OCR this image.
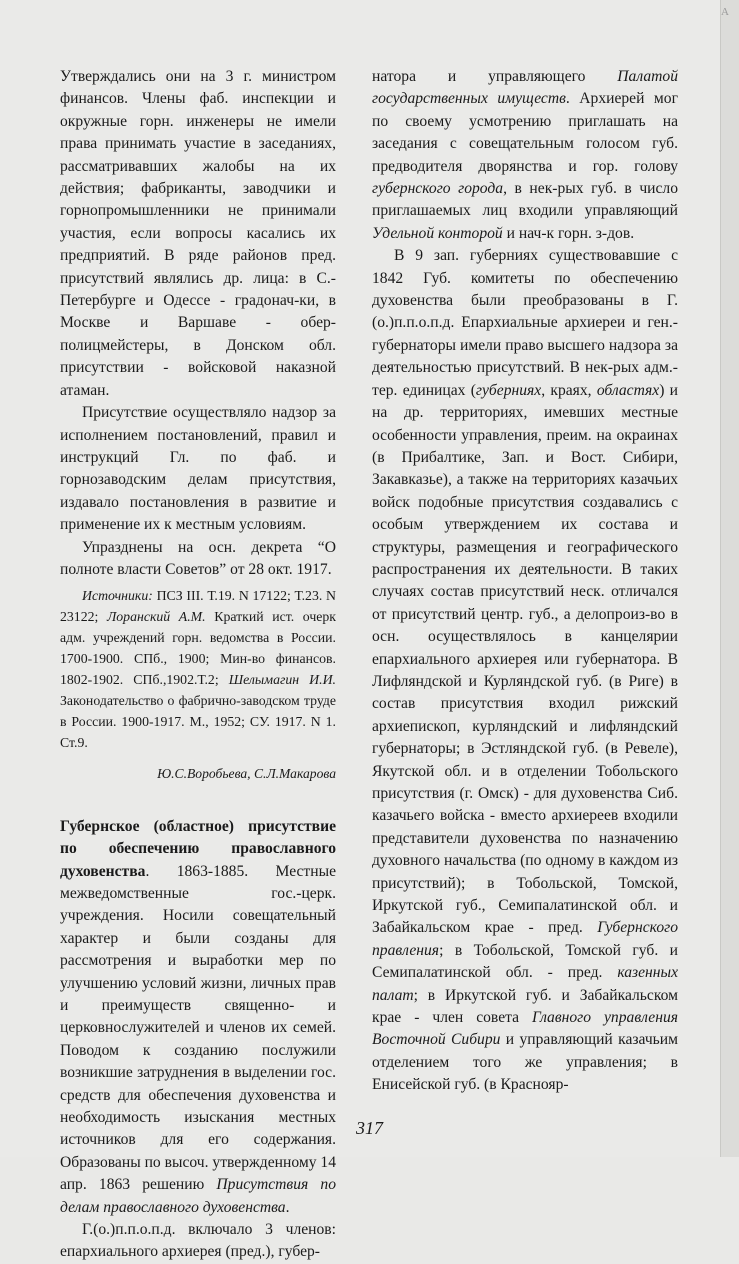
A

Утверждались они на 3 г. министром финансов. Члены фаб. инспекции и окружные горн. инженеры не имели права принимать участие в заседаниях, рассматривавших жалобы на их действия; фабриканты, заводчики и горнопромышленники не принимали участия, если вопросы касались их предприятий. В ряде районов пред. присутствий являлись др. лица: в С.-Петербурге и Одессе - градонач-ки, в Москве и Варшаве - обер-полицмейстеры, в Донском обл. присутствии - войсковой наказной атаман.

Присутствие осуществляло надзор за исполнением постановлений, правил и инструкций Гл. по фаб. и горнозаводским делам присутствия, издавало постановления в развитие и применение их к местным условиям.

Упразднены на осн. декрета “О полноте власти Советов” от 28 окт. 1917.

Источники: ПСЗ III. Т.19. N 17122; Т.23. N 23122; Лоранский А.М. Краткий ист. очерк адм. учреждений горн. ведомства в России. 1700-1900. СПб., 1900; Мин-во финансов. 1802-1902. СПб.,1902.Т.2; Шелымагин И.И. Законодательство о фабрично-заводском труде в России. 1900-1917. М., 1952; СУ. 1917. N 1. Ст.9.

Ю.С.Воробьева, С.Л.Макарова

Губернское (областное) присутствие по обеспечению православного духовенства. 1863-1885. Местные межведомственные гос.-церк. учреждения. Носили совещательный характер и были созданы для рассмотрения и выработки мер по улучшению условий жизни, личных прав и преимуществ священно- и церковнослужителей и членов их семей. Поводом к созданию послужили возникшие затруднения в выделении гос. средств для обеспечения духовенства и необходимость изыскания местных источников для его содержания. Образованы по высоч. утвержденному 14 апр. 1863 решению Присутствия по делам православного духовенства.

Г.(о.)п.п.о.п.д. включало 3 членов: епархиального архиерея (пред.), губер-

натора и управляющего Палатой государственных имуществ. Архиерей мог по своему усмотрению приглашать на заседания с совещательным голосом губ. предводителя дворянства и гор. голову губернского города, в нек-рых губ. в число приглашаемых лиц входили управляющий Удельной конторой и нач-к горн. з-дов.

В 9 зап. губерниях существовавшие с 1842 Губ. комитеты по обеспечению духовенства были преобразованы в Г.(о.)п.п.о.п.д. Епархиальные архиереи и ген.-губернаторы имели право высшего надзора за деятельностью присутствий. В нек-рых адм.-тер. единицах (губерниях, краях, областях) и на др. территориях, имевших местные особенности управления, преим. на окраинах (в Прибалтике, Зап. и Вост. Сибири, Закавказье), а также на территориях казачьих войск подобные присутствия создавались с особым утверждением их состава и структуры, размещения и географического распространения их деятельности. В таких случаях состав присутствий неск. отличался от присутствий центр. губ., а делопроиз-во в осн. осуществлялось в канцелярии епархиального архиерея или губернатора. В Лифляндской и Курляндской губ. (в Риге) в состав присутствия входил рижский архиепископ, курляндский и лифляндский губернаторы; в Эстляндской губ. (в Ревеле), Якутской обл. и в отделении Тобольского присутствия (г. Омск) - для духовенства Сиб. казачьего войска - вместо архиереев входили представители духовенства по назначению духовного начальства (по одному в каждом из присутствий); в Тобольской, Томской, Иркутской губ., Семипалатинской обл. и Забайкальском крае - пред. Губернского правления; в Тобольской, Томской губ. и Семипалатинской обл. - пред. казенных палат; в Иркутской губ. и Забайкальском крае - член совета Главного управления Восточной Сибири и управляющий казачьим отделением того же управления; в Енисейской губ. (в Краснояр-

317
